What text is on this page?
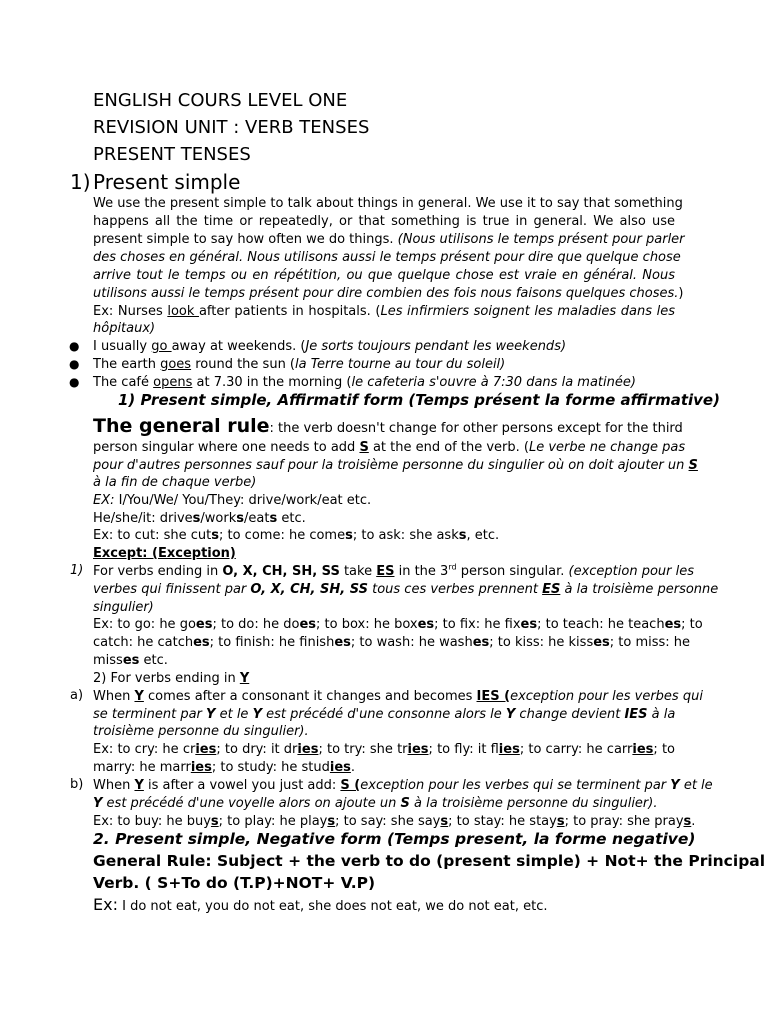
ENGLISH COURS LEVEL ONE
REVISION UNIT : VERB TENSES
PRESENT TENSES
1) Present simple
We use the present simple to talk about things in general. We use it to say that something
happens all the time or repeatedly, or that something is true in general. We also use
present simple to say how often we do things. (Nous utilisons le temps présent pour parler
des choses en général. Nous utilisons aussi le temps présent pour dire que quelque chose
arrive tout le temps ou en répétition, ou que quelque chose est vraie en général. Nous
utilisons aussi le temps présent pour dire combien des fois nous faisons quelques choses.)
Ex: Nurses look after patients in hospitals. (Les infirmiers soignent les maladies dans les
hôpitaux)
● I usually go away at weekends. (Je sorts toujours pendant les weekends)
● The earth goes round the sun (la Terre tourne au tour du soleil)
● The café opens at 7.30 in the morning (le cafeteria s'ouvre à 7:30 dans la matinée)
1) Present simple, Affirmatif form (Temps présent la forme affirmative)
The general rule: the verb doesn't change for other persons except for the third
person singular where one needs to add S at the end of the verb. (Le verbe ne change pas
pour d'autres personnes sauf pour la troisième personne du singulier où on doit ajouter un S
à la fin de chaque verbe)
EX: I/You/We/ You/They: drive/work/eat etc.
He/she/it: drives/works/eats etc.
Ex: to cut: she cuts; to come: he comes; to ask: she asks, etc.
Except: (Exception)
1) For verbs ending in O, X, CH, SH, SS take ES in the 3rd person singular. (exception pour les
verbes qui finissent par O, X, CH, SH, SS tous ces verbes prennent ES à la troisième personne
singulier)
Ex: to go: he goes; to do: he does; to box: he boxes; to fix: he fixes; to teach: he teaches; to
catch: he catches; to finish: he finishes; to wash: he washes; to kiss: he kisses; to miss: he
misses etc.
2) For verbs ending in Y
a) When Y comes after a consonant it changes and becomes IES (exception pour les verbes qui
se terminent par Y et le Y est précédé d'une consonne alors le Y change devient IES à la
troisième personne du singulier).
Ex: to cry: he cries; to dry: it dries; to try: she tries; to fly: it flies; to carry: he carries; to
marry: he marries; to study: he studies.
b) When Y is after a vowel you just add: S (exception pour les verbes qui se terminent par Y et le
Y est précédé d'une voyelle alors on ajoute un S à la troisième personne du singulier).
Ex: to buy: he buys; to play: he plays; to say: she says; to stay: he stays; to pray: she prays.
2. Present simple, Negative form (Temps present, la forme negative)
General Rule: Subject + the verb to do (present simple) + Not+ the Principal
Verb. ( S+To do (T.P)+NOT+ V.P)
Ex: I do not eat, you do not eat, she does not eat, we do not eat, etc.
